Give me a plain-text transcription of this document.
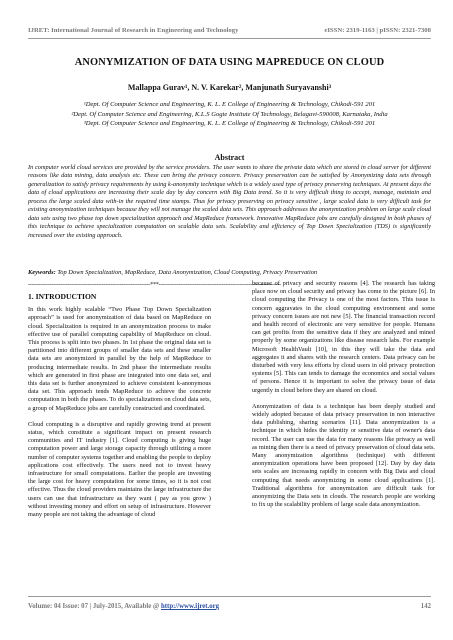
IJRET: International Journal of Research in Engineering and Technology	eISSN: 2319-1163 | pISSN: 2321-7308
ANONYMIZATION OF DATA USING MAPREDUCE ON CLOUD
Mallappa Gurav¹, N. V. Karekar², Manjunath Suryavanshi³
¹Dept. Of Computer Science and Engineering, K. L. E College of Engineering & Technology, Chikodi-591 201
²Dept. Of Computer Science and Engineering, K.L.S Gogte Institute Of Technology, Belagavi-590008, Karnataka, India
³Dept. Of Computer Science and Engineering, K. L. E College of Engineering & Technology, Chikodi-591 201
Abstract
In computer world cloud services are provided by the service providers. The user wants to share the private data which are stored in cloud server for different reasons like data mining, data analysis etc. These can bring the privacy concern. Privacy preservation can be satisfied by Anonymizing data sets through generalization to satisfy privacy requirements by using k-anonymity technique which is a widely used type of privacy preserving techniques. At present days the data of cloud applications are increasing their scale day by day concern with Big Data trend. So it is very difficult thing to accept, manage, maintain and process the large scaled data with-in the required time stamps. Thus for privacy preserving on privacy sensitive , large scaled data is very difficult task for existing anonymization techniques because they will not manage the scaled data sets. This approach addresses the anonymization problem on large scale cloud data sets using two phase top down specialization approach and MapReduce framework. Innovative MapReduce jobs are carefully designed in both phases of this technique to achieve specialization computation on scalable data sets. Scalability and efficiency of Top Down Specialization (TDS) is significantly increased over the existing approach.
Keywords: Top Down Specialization, MapReduce, Data Anonymization, Cloud Computing, Privacy Preservation
--------------------------------------------------------------------***--------------------------------------------------------------------
1. INTRODUCTION

In this work highly scalable “Two Phase Top Down Specialization approach” is used for anonymization of data based on MapReduce on cloud. Specialization is required in an anonymization process to make effective use of parallel computing capability of MapReduce on cloud. This process is split into two phases. In 1st phase the original data set is partitioned into different groups of smaller data sets and these smaller data sets are anonymized in parallel by the help of MapReduce to producing intermediate results. In 2nd phase the intermediate results which are generated in first phase are integrated into one data set, and this data set is further anonymized to achieve consistent k-anonymous data set. This approach tends MapReduce to achieve the concrete computation in both the phases. To do specializations on cloud data sets, a group of MapReduce jobs are carefully constructed and coordinated.

Cloud computing is a disruptive and rapidly growing trend at present status, which constitute a significant impact on present research communities and IT industry [1]. Cloud computing is giving huge computation power and large storage capacity through utilizing a more number of computer systems together and enabling the people to deploy applications cost effectively. The users need not to invest heavy infrastructure for small computations. Earlier the people are investing the large cost for heavy computation for some times, so it is not cost effective. Thus the cloud providers maintains the large infrastructure the users can use that infrastructure as they want ( pay as you grow ) without investing money and effort on setup of infrastructure. However many people are not taking the advantage of cloud

because of privacy and security reasons [4]. The research has taking place now on cloud security and privacy has come to the picture [6]. In cloud computing the Privacy is one of the most factors. This issue is concern aggravates in the cloud computing environment and some privacy concern issues are not new [5]. The financial transaction record and health record of electronic are very sensitive for people. Humans can get profits from the sensitive data if they are analyzed and mined properly by some organizations like disease research labs. For example Microsoft HealthVault [10], in this they will take the data and aggregates it and shares with the research centers. Data privacy can be disturbed with very less efforts by cloud users in old privacy protection systems [5]. This can tends to damage the economics and social values of persons. Hence it is important to solve the privacy issue of data urgently in cloud before they are shared on cloud.

Anonymization of data is a technique has been deeply studied and widely adopted because of data privacy preservation in non interactive data publishing, sharing scenarios [11]. Data anonymization is a technique in which hides the identity or sensitive data of owner's data record. The user can use the data for many reasons like privacy as well as mining then there is a need of privacy preservation of cloud data sets. Many anonymization algorithms (technique) with different anonymization operations have been proposed [12]. Day by day data sets scales are increasing rapidly in concern with Big Data and cloud computing that needs anonymizing in some cloud applications [1]. Traditional algorithms for anonymization are difficult task for anonymizing the Data sets in clouds. The research people are working to fix up the scalability problem of large scale data anonymization.

Volume: 04 Issue: 07 | July-2015, Available @ http://www.ijret.org	142
